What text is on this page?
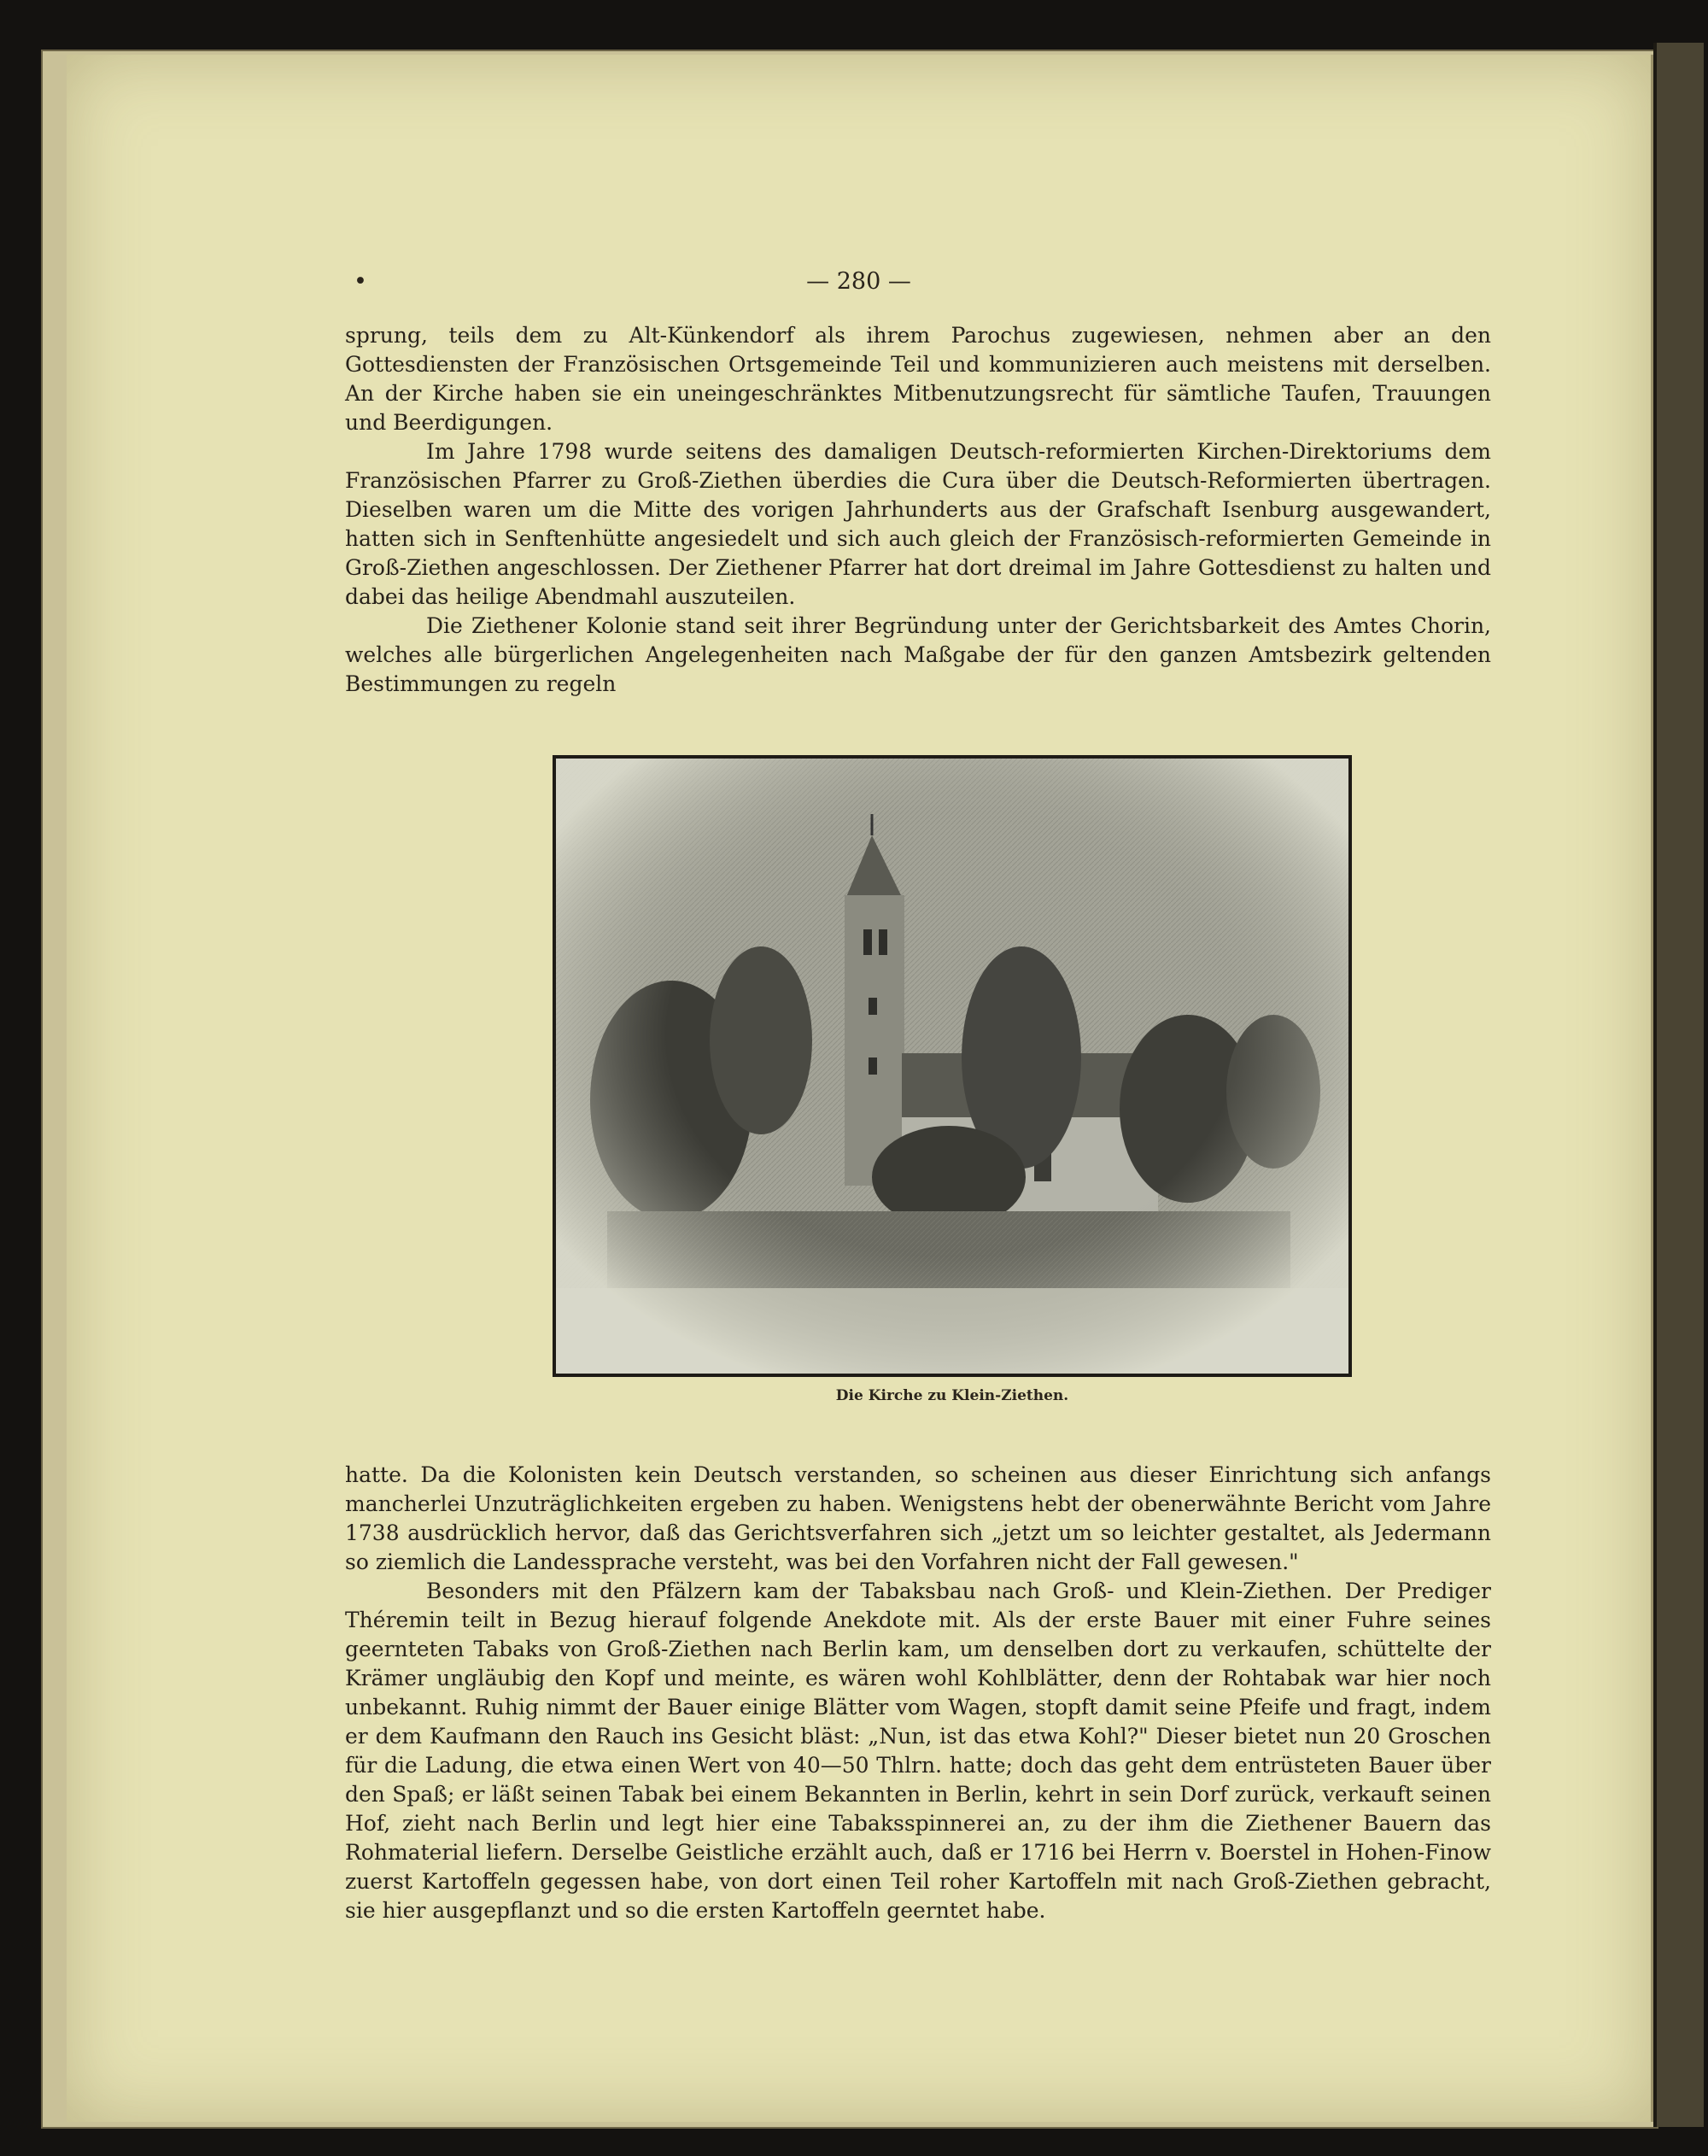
•	— 280 —

sprung, teils dem zu Alt-Künkendorf als ihrem Parochus zugewiesen, nehmen aber an den Gottesdiensten der Französischen Ortsgemeinde Teil und kommunizieren auch meistens mit derselben. An der Kirche haben sie ein uneingeschränktes Mitbenutzungsrecht für sämtliche Taufen, Trauungen und Beerdigungen.

Im Jahre 1798 wurde seitens des damaligen Deutsch-reformierten Kirchen-Direktoriums dem Französischen Pfarrer zu Groß-Ziethen überdies die Cura über die Deutsch-Reformierten übertragen. Dieselben waren um die Mitte des vorigen Jahrhunderts aus der Grafschaft Isenburg ausgewandert, hatten sich in Senftenhütte angesiedelt und sich auch gleich der Französisch-reformierten Gemeinde in Groß-Ziethen angeschlossen. Der Ziethener Pfarrer hat dort dreimal im Jahre Gottesdienst zu halten und dabei das heilige Abendmahl auszuteilen.

Die Ziethener Kolonie stand seit ihrer Begründung unter der Gerichtsbarkeit des Amtes Chorin, welches alle bürgerlichen Angelegenheiten nach Maßgabe der für den ganzen Amtsbezirk geltenden Bestimmungen zu regeln

Die Kirche zu Klein-Ziethen.

hatte. Da die Kolonisten kein Deutsch verstanden, so scheinen aus dieser Einrichtung sich anfangs mancherlei Unzuträglichkeiten ergeben zu haben. Wenigstens hebt der obenerwähnte Bericht vom Jahre 1738 ausdrücklich hervor, daß das Gerichtsverfahren sich „jetzt um so leichter gestaltet, als Jedermann so ziemlich die Landessprache versteht, was bei den Vorfahren nicht der Fall gewesen."

Besonders mit den Pfälzern kam der Tabaksbau nach Groß- und Klein-Ziethen. Der Prediger Théremin teilt in Bezug hierauf folgende Anekdote mit. Als der erste Bauer mit einer Fuhre seines geernteten Tabaks von Groß-Ziethen nach Berlin kam, um denselben dort zu verkaufen, schüttelte der Krämer ungläubig den Kopf und meinte, es wären wohl Kohlblätter, denn der Rohtabak war hier noch unbekannt. Ruhig nimmt der Bauer einige Blätter vom Wagen, stopft damit seine Pfeife und fragt, indem er dem Kaufmann den Rauch ins Gesicht bläst: „Nun, ist das etwa Kohl?" Dieser bietet nun 20 Groschen für die Ladung, die etwa einen Wert von 40—50 Thlrn. hatte; doch das geht dem entrüsteten Bauer über den Spaß; er läßt seinen Tabak bei einem Bekannten in Berlin, kehrt in sein Dorf zurück, verkauft seinen Hof, zieht nach Berlin und legt hier eine Tabaksspinnerei an, zu der ihm die Ziethener Bauern das Rohmaterial liefern. Derselbe Geistliche erzählt auch, daß er 1716 bei Herrn v. Boerstel in Hohen-Finow zuerst Kartoffeln gegessen habe, von dort einen Teil roher Kartoffeln mit nach Groß-Ziethen gebracht, sie hier ausgepflanzt und so die ersten Kartoffeln geerntet habe.
